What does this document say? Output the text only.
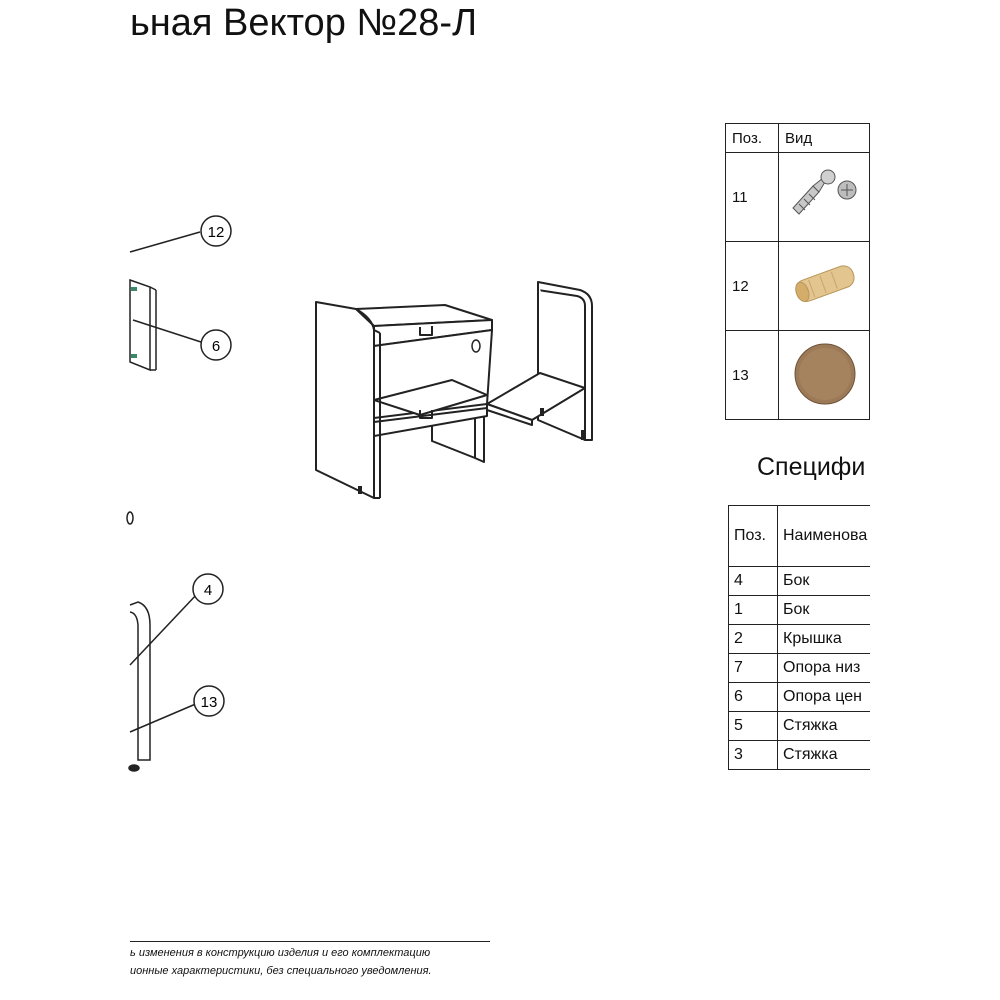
ьная Вектор №28-Л
12
6
4
13
Поз.	Вид	
11		
12		
13		
Специфи
Поз.	Наименова
4	Бок
1	Бок
2	Крышка
7	Опора низ
6	Опора цен
5	Стяжка
3	Стяжка
ь изменения в конструкцию изделия и его комплектацию
ионные характеристики, без специального уведомления.
